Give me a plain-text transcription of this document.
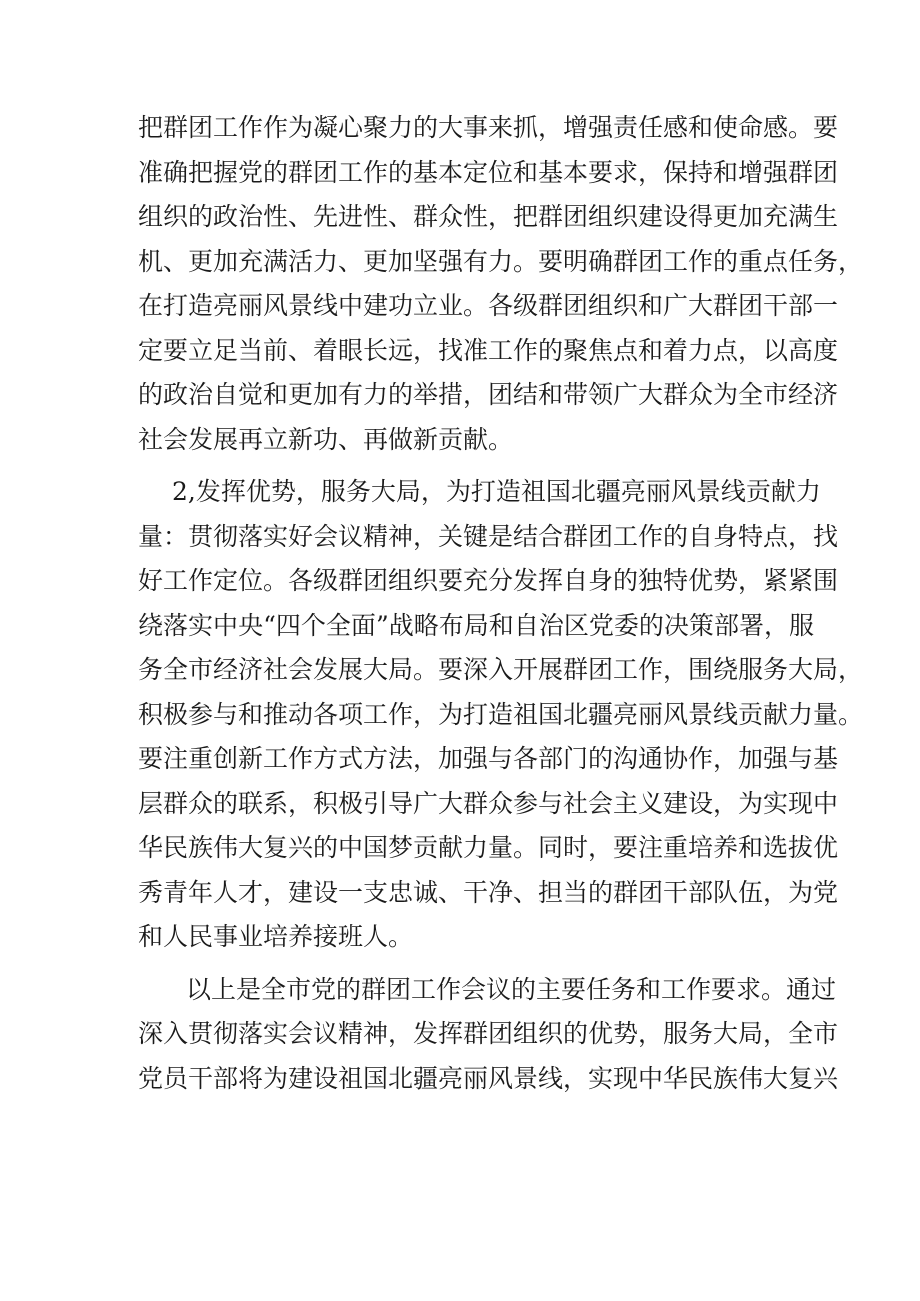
把群团工作作为凝心聚力的大事来抓，增强责任感和使命感。要
准确把握党的群团工作的基本定位和基本要求，保持和增强群团
组织的政治性、先进性、群众性，把群团组织建设得更加充满生
机、更加充满活力、更加坚强有力。要明确群团工作的重点任务，
在打造亮丽风景线中建功立业。各级群团组织和广大群团干部一
定要立足当前、着眼长远，找准工作的聚焦点和着力点，以高度
的政治自觉和更加有力的举措，团结和带领广大群众为全市经济
社会发展再立新功、再做新贡献。
2,发挥优势，服务大局，为打造祖国北疆亮丽风景线贡献力
量：贯彻落实好会议精神，关键是结合群团工作的自身特点，找
好工作定位。各级群团组织要充分发挥自身的独特优势，紧紧围
绕落实中央“四个全面”战略布局和自治区党委的决策部署，服
务全市经济社会发展大局。要深入开展群团工作，围绕服务大局，
积极参与和推动各项工作，为打造祖国北疆亮丽风景线贡献力量。
要注重创新工作方式方法，加强与各部门的沟通协作，加强与基
层群众的联系，积极引导广大群众参与社会主义建设，为实现中
华民族伟大复兴的中国梦贡献力量。同时，要注重培养和选拔优
秀青年人才，建设一支忠诚、干净、担当的群团干部队伍，为党
和人民事业培养接班人。
以上是全市党的群团工作会议的主要任务和工作要求。通过
深入贯彻落实会议精神，发挥群团组织的优势，服务大局，全市
党员干部将为建设祖国北疆亮丽风景线，实现中华民族伟大复兴
